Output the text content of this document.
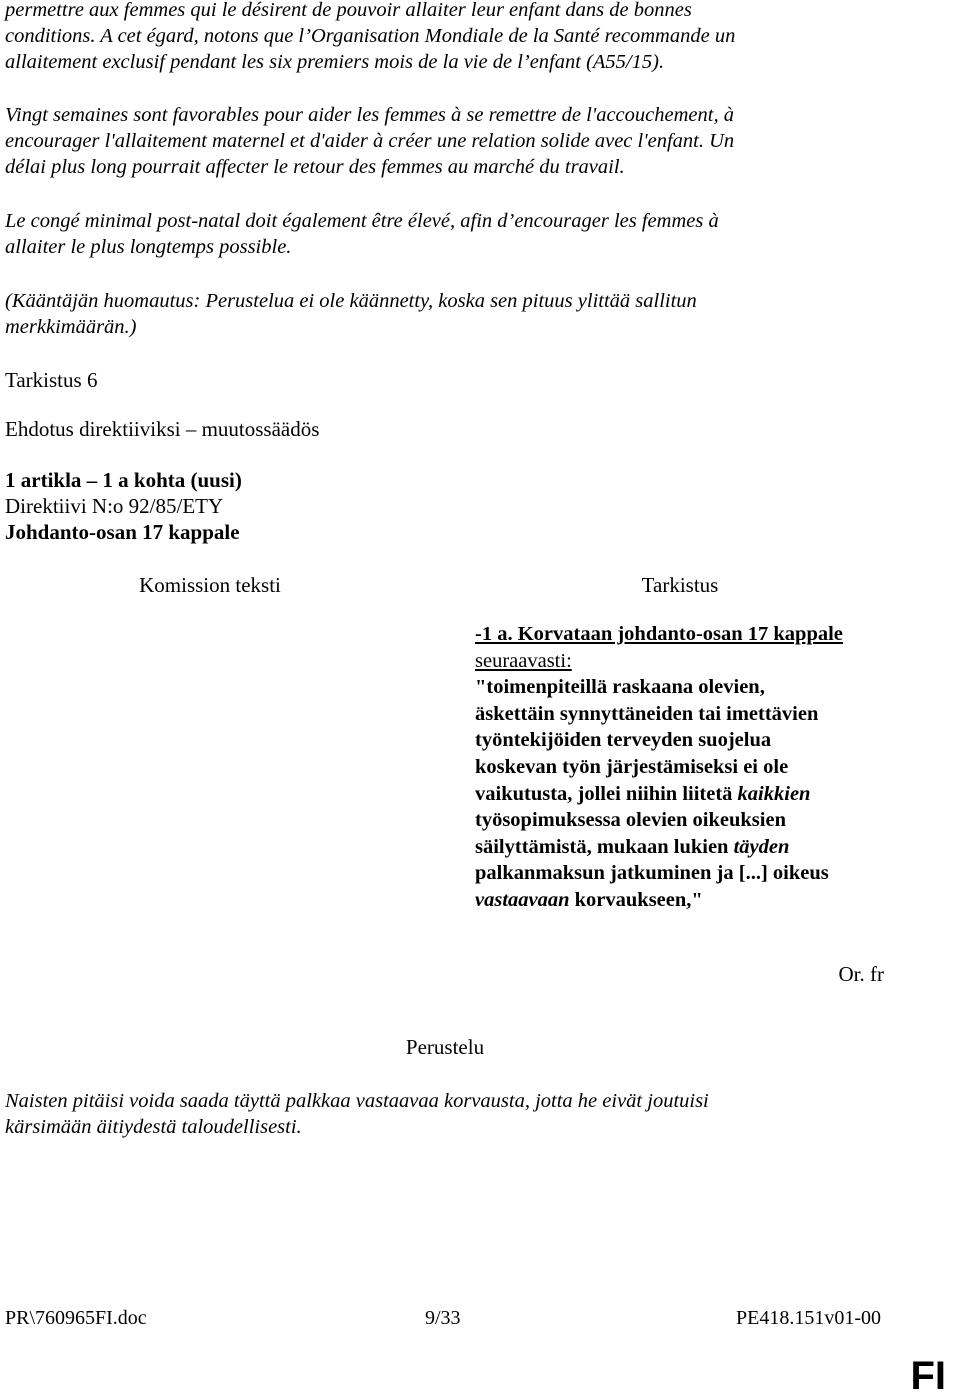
permettre aux femmes qui le désirent de pouvoir allaiter leur enfant dans de bonnes

conditions. A cet égard, notons que l’Organisation Mondiale de la Santé recommande un

allaitement exclusif pendant les six premiers mois de la vie de l’enfant (A55/15).

Vingt semaines sont favorables pour aider les femmes à se remettre de l'accouchement, à

encourager l'allaitement maternel et d'aider à créer une relation solide avec l'enfant. Un

délai plus long pourrait affecter le retour des femmes au marché du travail.

Le congé minimal post-natal doit également être élevé, afin d’encourager les femmes à

allaiter le plus longtemps possible.

(Kääntäjän huomautus: Perustelua ei ole käännetty, koska sen pituus ylittää sallitun

merkkimäärän.)

Tarkistus 6

Ehdotus direktiiviksi – muutossäädös

1 artikla – 1 a kohta (uusi)

Direktiivi N:o 92/85/ETY

Johdanto-osan 17 kappale

Komission teksti	Tarkistus

-1 a. Korvataan johdanto-osan 17 kappale

seuraavasti:

"toimenpiteillä raskaana olevien,

äskettäin synnyttäneiden tai imettävien

työntekijöiden terveyden suojelua

koskevan työn järjestämiseksi ei ole

vaikutusta, jollei niihin liitetä kaikkien

työsopimuksessa olevien oikeuksien

säilyttämistä, mukaan lukien täyden

palkanmaksun jatkuminen ja [...] oikeus

vastaavaan korvaukseen,"

Or. fr

Perustelu

Naisten pitäisi voida saada täyttä palkkaa vastaavaa korvausta, jotta he eivät joutuisi

kärsimään äitiydestä taloudellisesti.

PR\760965FI.doc	9/33	PE418.151v01-00
FI
